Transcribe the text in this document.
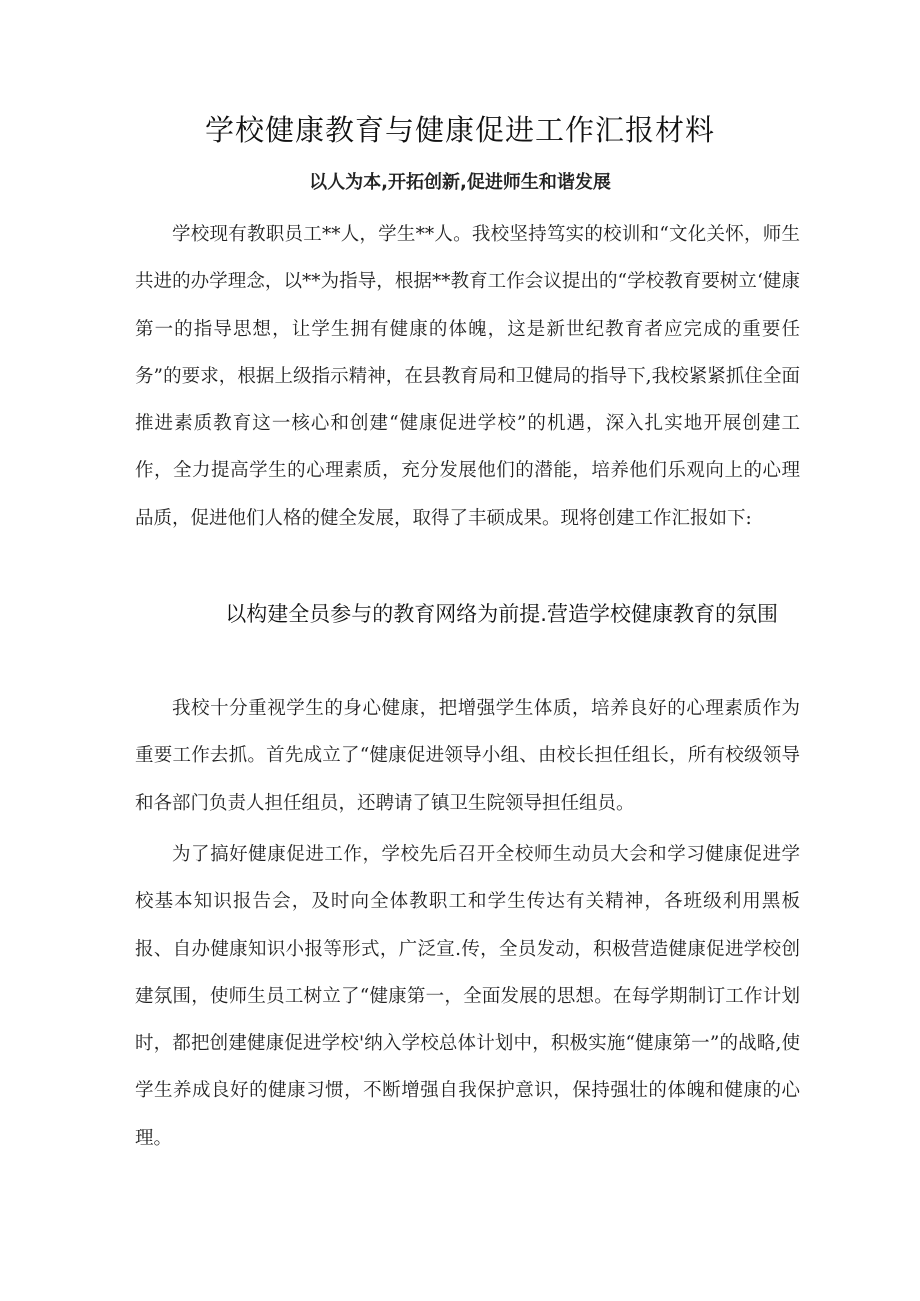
学校健康教育与健康促进工作汇报材料
以人为本,开拓创新,促进师生和谐发展

学校现有教职员工**人，学生**人。我校坚持笃实的校训和“文化关怀，师生共进的办学理念，以**为指导，根据**教育工作会议提出的“学校教育要树立‘健康第一的指导思想，让学生拥有健康的体魄，这是新世纪教育者应完成的重要任务”的要求，根据上级指示精神，在县教育局和卫健局的指导下,我校紧紧抓住全面推进素质教育这一核心和创建“健康促进学校”的机遇，深入扎实地开展创建工作，全力提高学生的心理素质，充分发展他们的潜能，培养他们乐观向上的心理品质，促进他们人格的健全发展，取得了丰硕成果。现将创建工作汇报如下:

以构建全员参与的教育网络为前提.营造学校健康教育的氛围

我校十分重视学生的身心健康，把增强学生体质，培养良好的心理素质作为重要工作去抓。首先成立了“健康促进领导小组、由校长担任组长，所有校级领导和各部门负责人担任组员，还聘请了镇卫生院领导担任组员。

为了搞好健康促进工作，学校先后召开全校师生动员大会和学习健康促进学校基本知识报告会，及时向全体教职工和学生传达有关精神，各班级利用黑板报、自办健康知识小报等形式，广泛宣.传，全员发动，积极营造健康促进学校创建氛围，使师生员工树立了“健康第一，全面发展的思想。在每学期制订工作计划时，都把创建健康促进学校'纳入学校总体计划中，积极实施“健康第一”的战略,使学生养成良好的健康习惯，不断增强自我保护意识，保持强壮的体魄和健康的心理。
